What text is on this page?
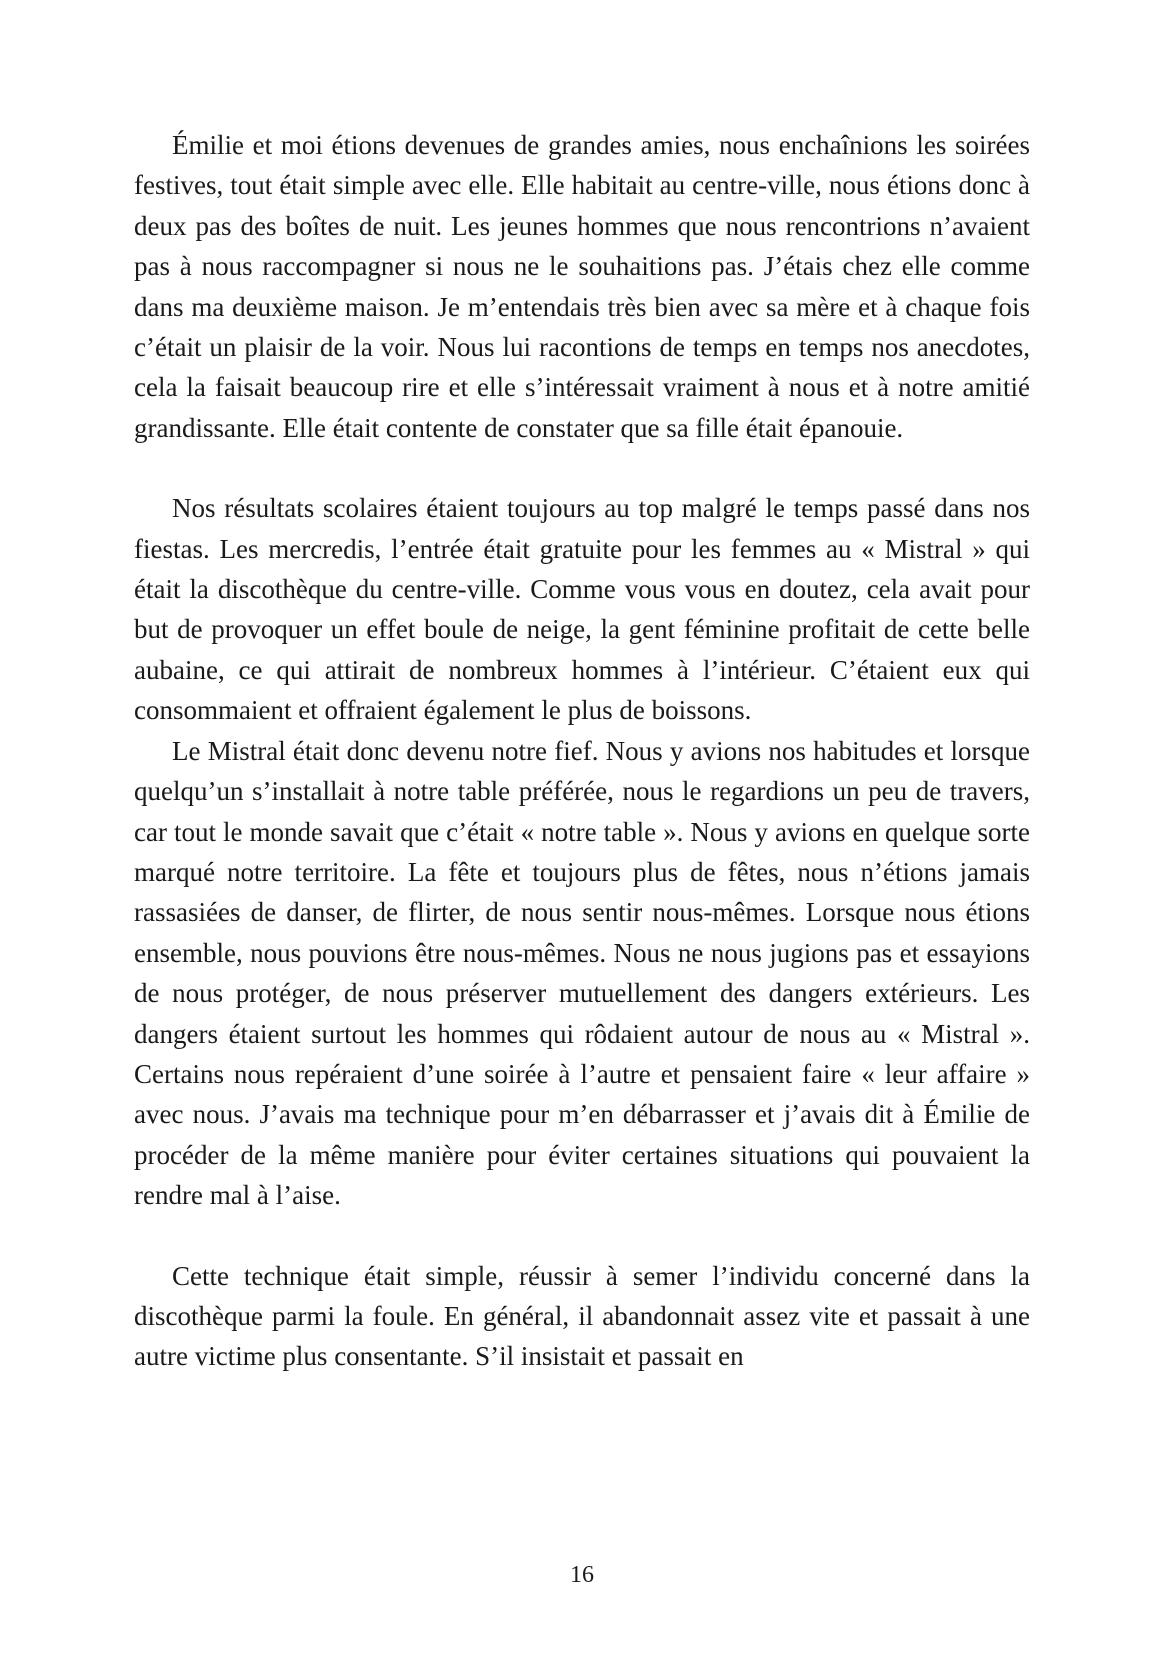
Émilie et moi étions devenues de grandes amies, nous enchaînions les soirées festives, tout était simple avec elle. Elle habitait au centre-ville, nous étions donc à deux pas des boîtes de nuit. Les jeunes hommes que nous rencontrions n’avaient pas à nous raccompagner si nous ne le souhaitions pas. J’étais chez elle comme dans ma deuxième maison. Je m’entendais très bien avec sa mère et à chaque fois c’était un plaisir de la voir. Nous lui racontions de temps en temps nos anecdotes, cela la faisait beaucoup rire et elle s’intéressait vraiment à nous et à notre amitié grandissante. Elle était contente de constater que sa fille était épanouie.

Nos résultats scolaires étaient toujours au top malgré le temps passé dans nos fiestas. Les mercredis, l’entrée était gratuite pour les femmes au « Mistral » qui était la discothèque du centre-ville. Comme vous vous en doutez, cela avait pour but de provoquer un effet boule de neige, la gent féminine profitait de cette belle aubaine, ce qui attirait de nombreux hommes à l’intérieur. C’étaient eux qui consommaient et offraient également le plus de boissons.

Le Mistral était donc devenu notre fief. Nous y avions nos habitudes et lorsque quelqu’un s’installait à notre table préférée, nous le regardions un peu de travers, car tout le monde savait que c’était « notre table ». Nous y avions en quelque sorte marqué notre territoire. La fête et toujours plus de fêtes, nous n’étions jamais rassasiées de danser, de flirter, de nous sentir nous-mêmes. Lorsque nous étions ensemble, nous pouvions être nous-mêmes. Nous ne nous jugions pas et essayions de nous protéger, de nous préserver mutuellement des dangers extérieurs. Les dangers étaient surtout les hommes qui rôdaient autour de nous au « Mistral ». Certains nous repéraient d’une soirée à l’autre et pensaient faire « leur affaire » avec nous. J’avais ma technique pour m’en débarrasser et j’avais dit à Émilie de procéder de la même manière pour éviter certaines situations qui pouvaient la rendre mal à l’aise.

Cette technique était simple, réussir à semer l’individu concerné dans la discothèque parmi la foule. En général, il abandonnait assez vite et passait à une autre victime plus consentante. S’il insistait et passait en

16
